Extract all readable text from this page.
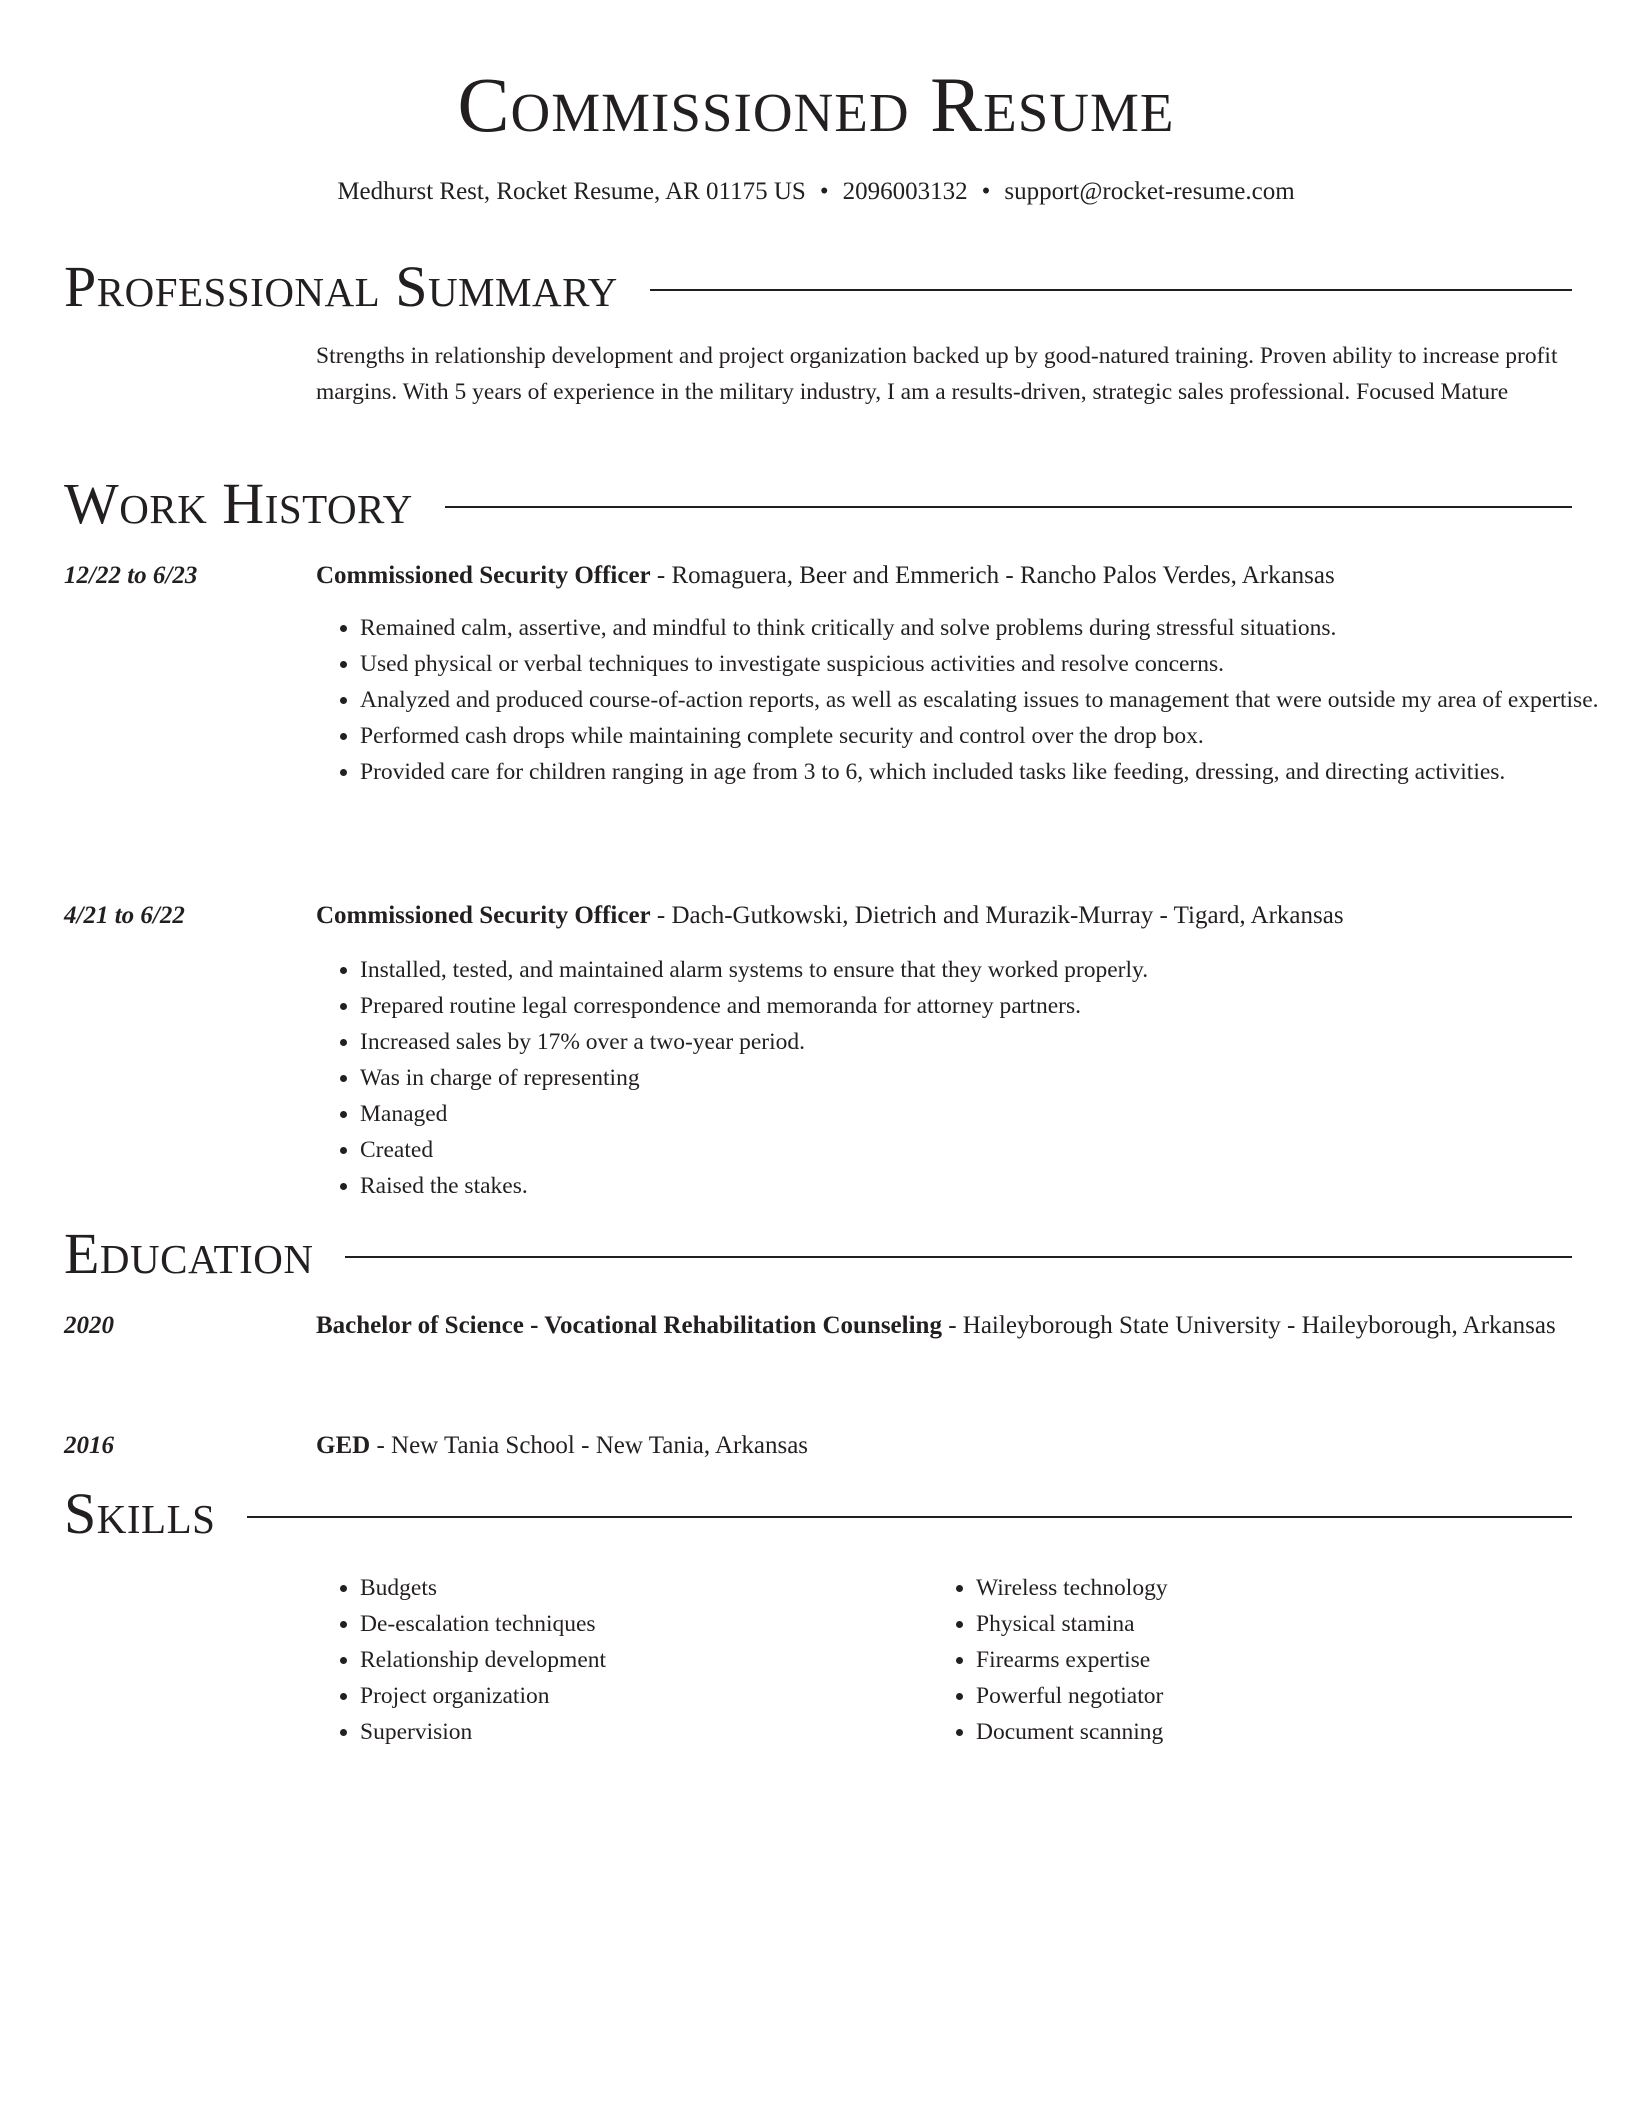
Commissioned Resume
Medhurst Rest, Rocket Resume, AR 01175 US • 2096003132 • support@rocket-resume.com
Professional Summary
Strengths in relationship development and project organization backed up by good-natured training. Proven ability to increase profit margins. With 5 years of experience in the military industry, I am a results-driven, strategic sales professional. Focused Mature
Work History
12/22 to 6/23	Commissioned Security Officer - Romaguera, Beer and Emmerich - Rancho Palos Verdes, Arkansas
• Remained calm, assertive, and mindful to think critically and solve problems during stressful situations.
• Used physical or verbal techniques to investigate suspicious activities and resolve concerns.
• Analyzed and produced course-of-action reports, as well as escalating issues to management that were outside my area of expertise.
• Performed cash drops while maintaining complete security and control over the drop box.
• Provided care for children ranging in age from 3 to 6, which included tasks like feeding, dressing, and directing activities.
4/21 to 6/22	Commissioned Security Officer - Dach-Gutkowski, Dietrich and Murazik-Murray - Tigard, Arkansas
• Installed, tested, and maintained alarm systems to ensure that they worked properly.
• Prepared routine legal correspondence and memoranda for attorney partners.
• Increased sales by 17% over a two-year period.
• Was in charge of representing
• Managed
• Created
• Raised the stakes.
Education
2020	Bachelor of Science - Vocational Rehabilitation Counseling - Haileyborough State University - Haileyborough, Arkansas
2016	GED - New Tania School - New Tania, Arkansas
Skills
• Budgets
• De-escalation techniques
• Relationship development
• Project organization
• Supervision
• Wireless technology
• Physical stamina
• Firearms expertise
• Powerful negotiator
• Document scanning
